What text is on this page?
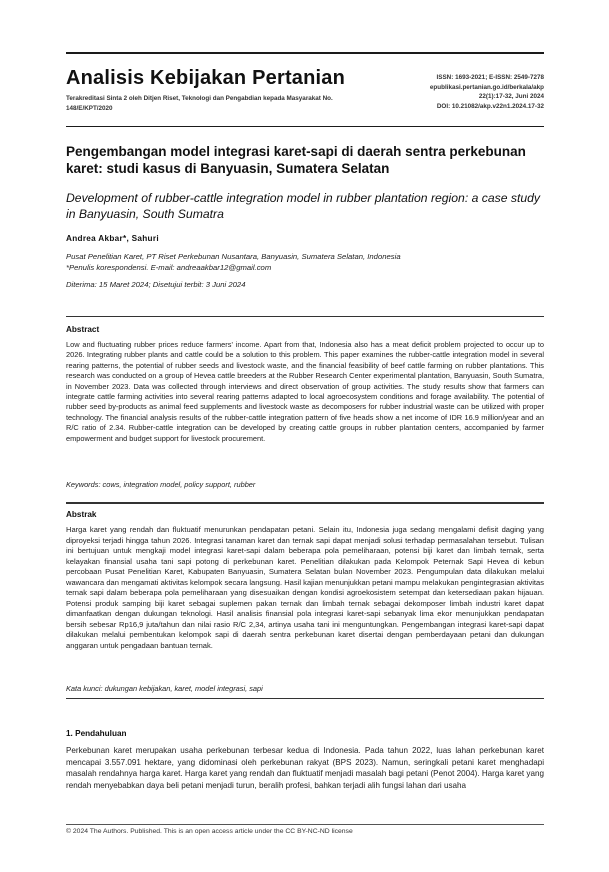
Analisis Kebijakan Pertanian
Terakreditasi Sinta 2 oleh Ditjen Riset, Teknologi dan Pengabdian kepada Masyarakat No. 148/E/KPT/2020
ISSN: 1693-2021; E-ISSN: 2549-7278
epublikasi.pertanian.go.id/berkala/akp
22(1):17-32, Juni 2024
DOI: 10.21082/akp.v22n1.2024.17-32
Pengembangan model integrasi karet-sapi di daerah sentra perkebunan karet: studi kasus di Banyuasin, Sumatera Selatan
Development of rubber-cattle integration model in rubber plantation region: a case study in Banyuasin, South Sumatra
Andrea Akbar*, Sahuri
Pusat Penelitian Karet, PT Riset Perkebunan Nusantara, Banyuasin, Sumatera Selatan, Indonesia
*Penulis korespondensi. E-mail: andreaakbar12@gmail.com
Diterima: 15 Maret 2024; Disetujui terbit: 3 Juni 2024
Abstract
Low and fluctuating rubber prices reduce farmers' income. Apart from that, Indonesia also has a meat deficit problem projected to occur up to 2026. Integrating rubber plants and cattle could be a solution to this problem. This paper examines the rubber-cattle integration model in several rearing patterns, the potential of rubber seeds and livestock waste, and the financial feasibility of beef cattle farming on rubber plantations. This research was conducted on a group of Hevea cattle breeders at the Rubber Research Center experimental plantation, Banyuasin, South Sumatra, in November 2023. Data was collected through interviews and direct observation of group activities. The study results show that farmers can integrate cattle farming activities into several rearing patterns adapted to local agroecosystem conditions and forage availability. The potential of rubber seed by-products as animal feed supplements and livestock waste as decomposers for rubber industrial waste can be utilized with proper technology. The financial analysis results of the rubber-cattle integration pattern of five heads show a net income of IDR 16.9 million/year and an R/C ratio of 2.34. Rubber-cattle integration can be developed by creating cattle groups in rubber plantation centers, accompanied by farmer empowerment and budget support for livestock procurement.
Keywords: cows, integration model, policy support, rubber
Abstrak
Harga karet yang rendah dan fluktuatif menurunkan pendapatan petani. Selain itu, Indonesia juga sedang mengalami defisit daging yang diproyeksi terjadi hingga tahun 2026. Integrasi tanaman karet dan ternak sapi dapat menjadi solusi terhadap permasalahan tersebut. Tulisan ini bertujuan untuk mengkaji model integrasi karet-sapi dalam beberapa pola pemeliharaan, potensi biji karet dan limbah ternak, serta kelayakan finansial usaha tani sapi potong di perkebunan karet. Penelitian dilakukan pada Kelompok Peternak Sapi Hevea di kebun percobaan Pusat Penelitian Karet, Kabupaten Banyuasin, Sumatera Selatan bulan November 2023. Pengumpulan data dilakukan melalui wawancara dan mengamati aktivitas kelompok secara langsung. Hasil kajian menunjukkan petani mampu melakukan pengintegrasian aktivitas ternak sapi dalam beberapa pola pemeliharaan yang disesuaikan dengan kondisi agroekosistem setempat dan ketersediaan pakan hijauan. Potensi produk samping biji karet sebagai suplemen pakan ternak dan limbah ternak sebagai dekomposer limbah industri karet dapat dimanfaatkan dengan dukungan teknologi. Hasil analisis finansial pola integrasi karet-sapi sebanyak lima ekor menunjukkan pendapatan bersih sebesar Rp16,9 juta/tahun dan nilai rasio R/C 2,34, artinya usaha tani ini menguntungkan. Pengembangan integrasi karet-sapi dapat dilakukan melalui pembentukan kelompok sapi di daerah sentra perkebunan karet disertai dengan pemberdayaan petani dan dukungan anggaran untuk pengadaan bantuan ternak.
Kata kunci: dukungan kebijakan, karet, model integrasi, sapi
1. Pendahuluan
Perkebunan karet merupakan usaha perkebunan terbesar kedua di Indonesia. Pada tahun 2022, luas lahan perkebunan karet mencapai 3.557.091 hektare, yang didominasi oleh perkebunan rakyat (BPS 2023). Namun, seringkali petani karet menghadapi masalah rendahnya harga karet. Harga karet yang rendah dan fluktuatif menjadi masalah bagi petani (Penot 2004). Harga karet yang rendah menyebabkan daya beli petani menjadi turun, beralih profesi, bahkan terjadi alih fungsi lahan dari usaha
© 2024 The Authors. Published. This is an open access article under the CC BY-NC-ND license
